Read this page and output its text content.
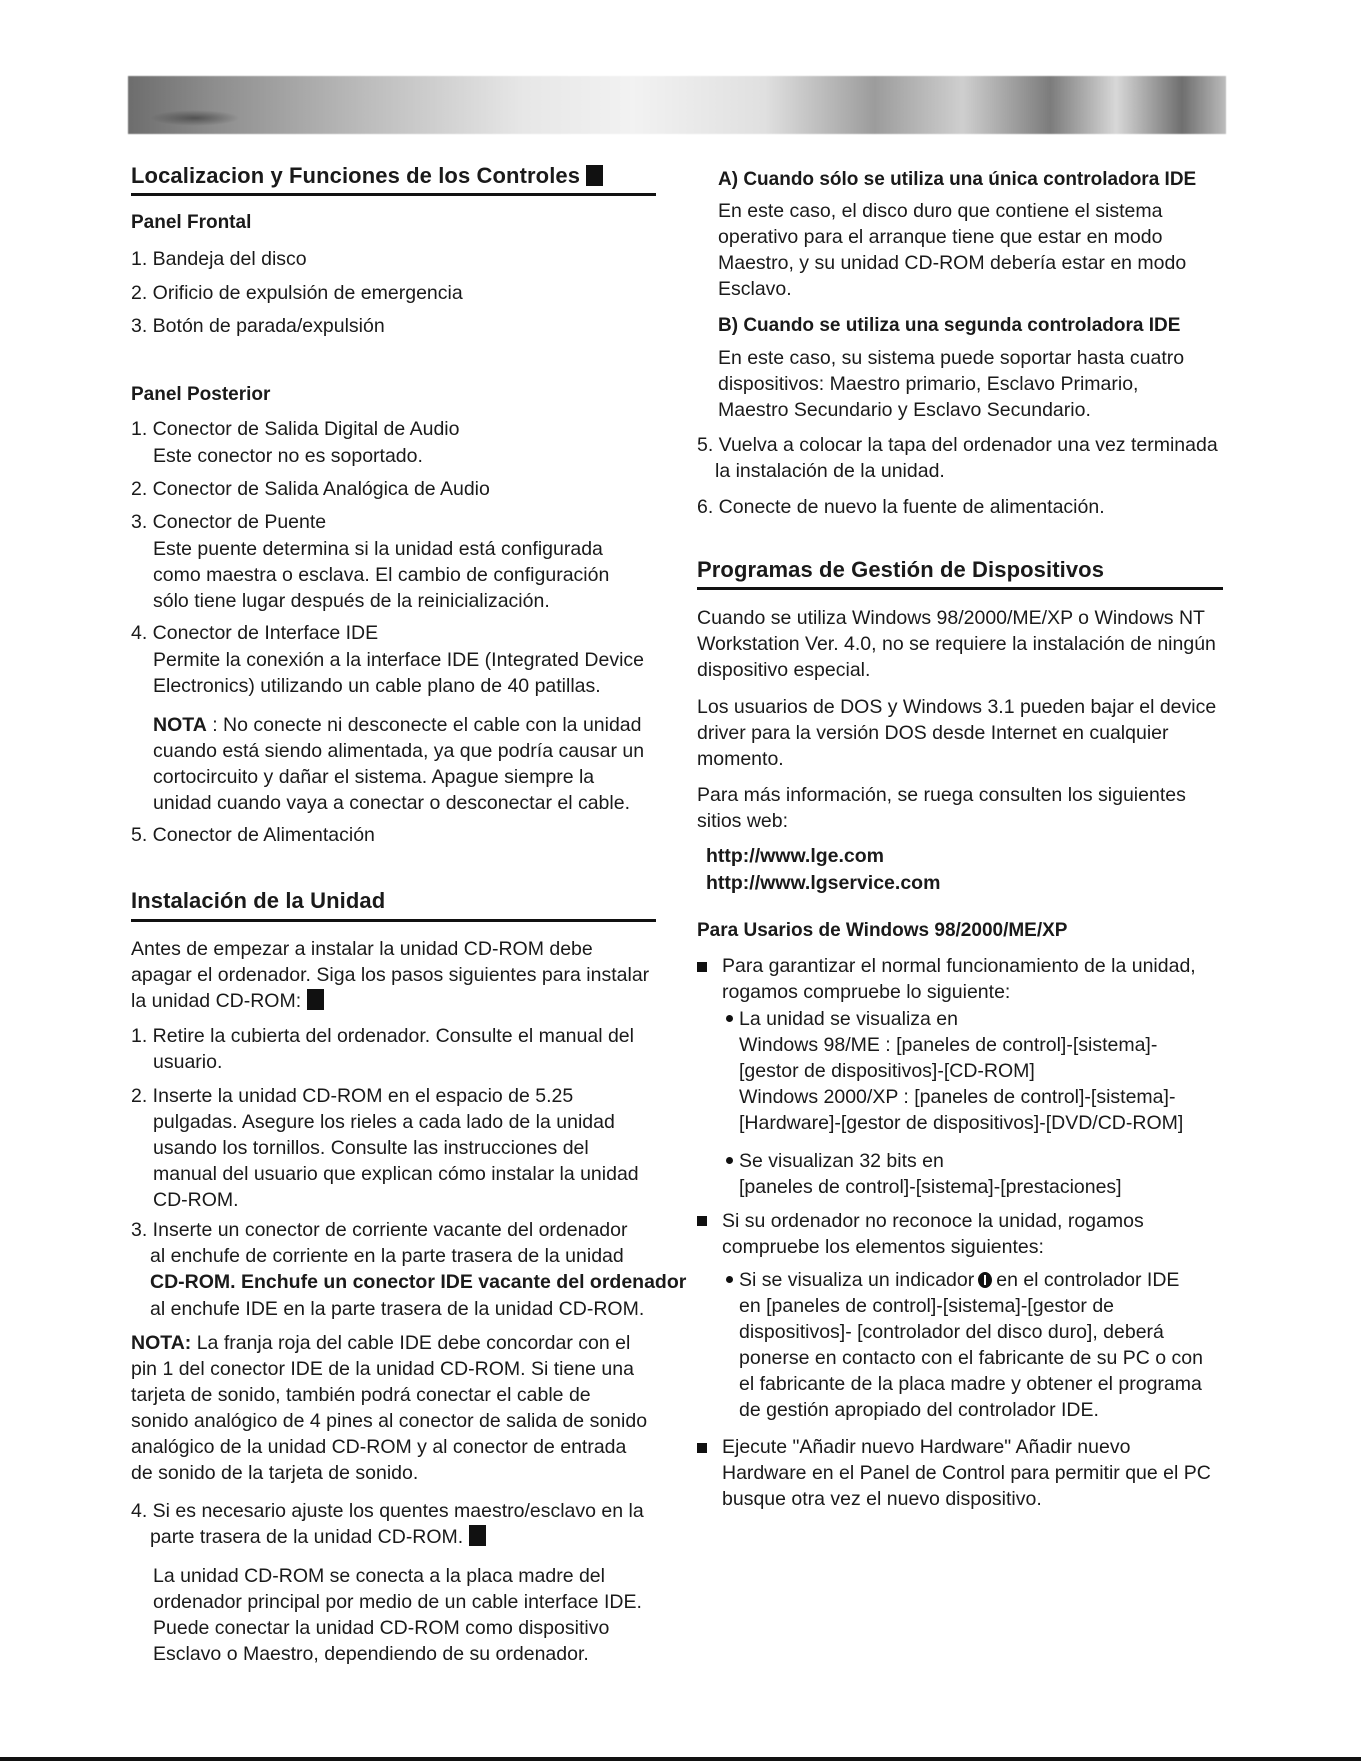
Localizacion y Funciones de los Controles
Panel Frontal
1. Bandeja del disco
2. Orificio de expulsión de emergencia
3. Botón de parada/expulsión
Panel Posterior
1. Conector de Salida Digital de Audio
Este conector no es soportado.
2. Conector de Salida Analógica de Audio
3. Conector de Puente
Este puente determina si la unidad está configurada
como maestra o esclava. El cambio de configuración
sólo tiene lugar después de la reinicialización.
4. Conector de Interface IDE
Permite la conexión a la interface IDE (Integrated Device
Electronics) utilizando un cable plano de 40 patillas.
NOTA : No conecte ni desconecte el cable con la unidad
cuando está siendo alimentada, ya que podría causar un
cortocircuito y dañar el sistema. Apague siempre la
unidad cuando vaya a conectar o desconectar el cable.
5. Conector de Alimentación
Instalación de la Unidad
Antes de empezar a instalar la unidad CD-ROM debe
apagar el ordenador. Siga los pasos siguientes para instalar
la unidad CD-ROM:
1. Retire la cubierta del ordenador. Consulte el manual del
usuario.
2. Inserte la unidad CD-ROM en el espacio de 5.25
pulgadas. Asegure los rieles a cada lado de la unidad
usando los tornillos. Consulte las instrucciones del
manual del usuario que explican cómo instalar la unidad
CD-ROM.
3. Inserte un conector de corriente vacante del ordenador
al enchufe de corriente en la parte trasera de la unidad
CD-ROM. Enchufe un conector IDE vacante del ordenador
al enchufe IDE en la parte trasera de la unidad CD-ROM.
NOTA: La franja roja del cable IDE debe concordar con el
pin 1 del conector IDE de la unidad CD-ROM. Si tiene una
tarjeta de sonido, también podrá conectar el cable de
sonido analógico de 4 pines al conector de salida de sonido
analógico de la unidad CD-ROM y al conector de entrada
de sonido de la tarjeta de sonido.
4. Si es necesario ajuste los quentes maestro/esclavo en la
parte trasera de la unidad CD-ROM.
La unidad CD-ROM se conecta a la placa madre del
ordenador principal por medio de un cable interface IDE.
Puede conectar la unidad CD-ROM como dispositivo
Esclavo o Maestro, dependiendo de su ordenador.
A) Cuando sólo se utiliza una única controladora IDE
En este caso, el disco duro que contiene el sistema
operativo para el arranque tiene que estar en modo
Maestro, y su unidad CD-ROM debería estar en modo
Esclavo.
B) Cuando se utiliza una segunda controladora IDE
En este caso, su sistema puede soportar hasta cuatro
dispositivos: Maestro primario, Esclavo Primario,
Maestro Secundario y Esclavo Secundario.
5. Vuelva a colocar la tapa del ordenador una vez terminada
la instalación de la unidad.
6. Conecte de nuevo la fuente de alimentación.
Programas de Gestión de Dispositivos
Cuando se utiliza Windows 98/2000/ME/XP o Windows NT
Workstation Ver. 4.0, no se requiere la instalación de ningún
dispositivo especial.
Los usuarios de DOS y Windows 3.1 pueden bajar el device
driver para la versión DOS desde Internet en cualquier
momento.
Para más información, se ruega consulten los siguientes
sitios web:
http://www.lge.com
http://www.lgservice.com
Para Usarios de Windows 98/2000/ME/XP
Para garantizar el normal funcionamiento de la unidad,
rogamos compruebe lo siguiente:
La unidad se visualiza en
Windows 98/ME : [paneles de control]-[sistema]-
[gestor de dispositivos]-[CD-ROM]
Windows 2000/XP : [paneles de control]-[sistema]-
[Hardware]-[gestor de dispositivos]-[DVD/CD-ROM]
Se visualizan 32 bits en
[paneles de control]-[sistema]-[prestaciones]
Si su ordenador no reconoce la unidad, rogamos
compruebe los elementos siguientes:
Si se visualiza un indicador en el controlador IDE
en [paneles de control]-[sistema]-[gestor de
dispositivos]- [controlador del disco duro], deberá
ponerse en contacto con el fabricante de su PC o con
el fabricante de la placa madre y obtener el programa
de gestión apropiado del controlador IDE.
Ejecute "Añadir nuevo Hardware" Añadir nuevo
Hardware en el Panel de Control para permitir que el PC
busque otra vez el nuevo dispositivo.
